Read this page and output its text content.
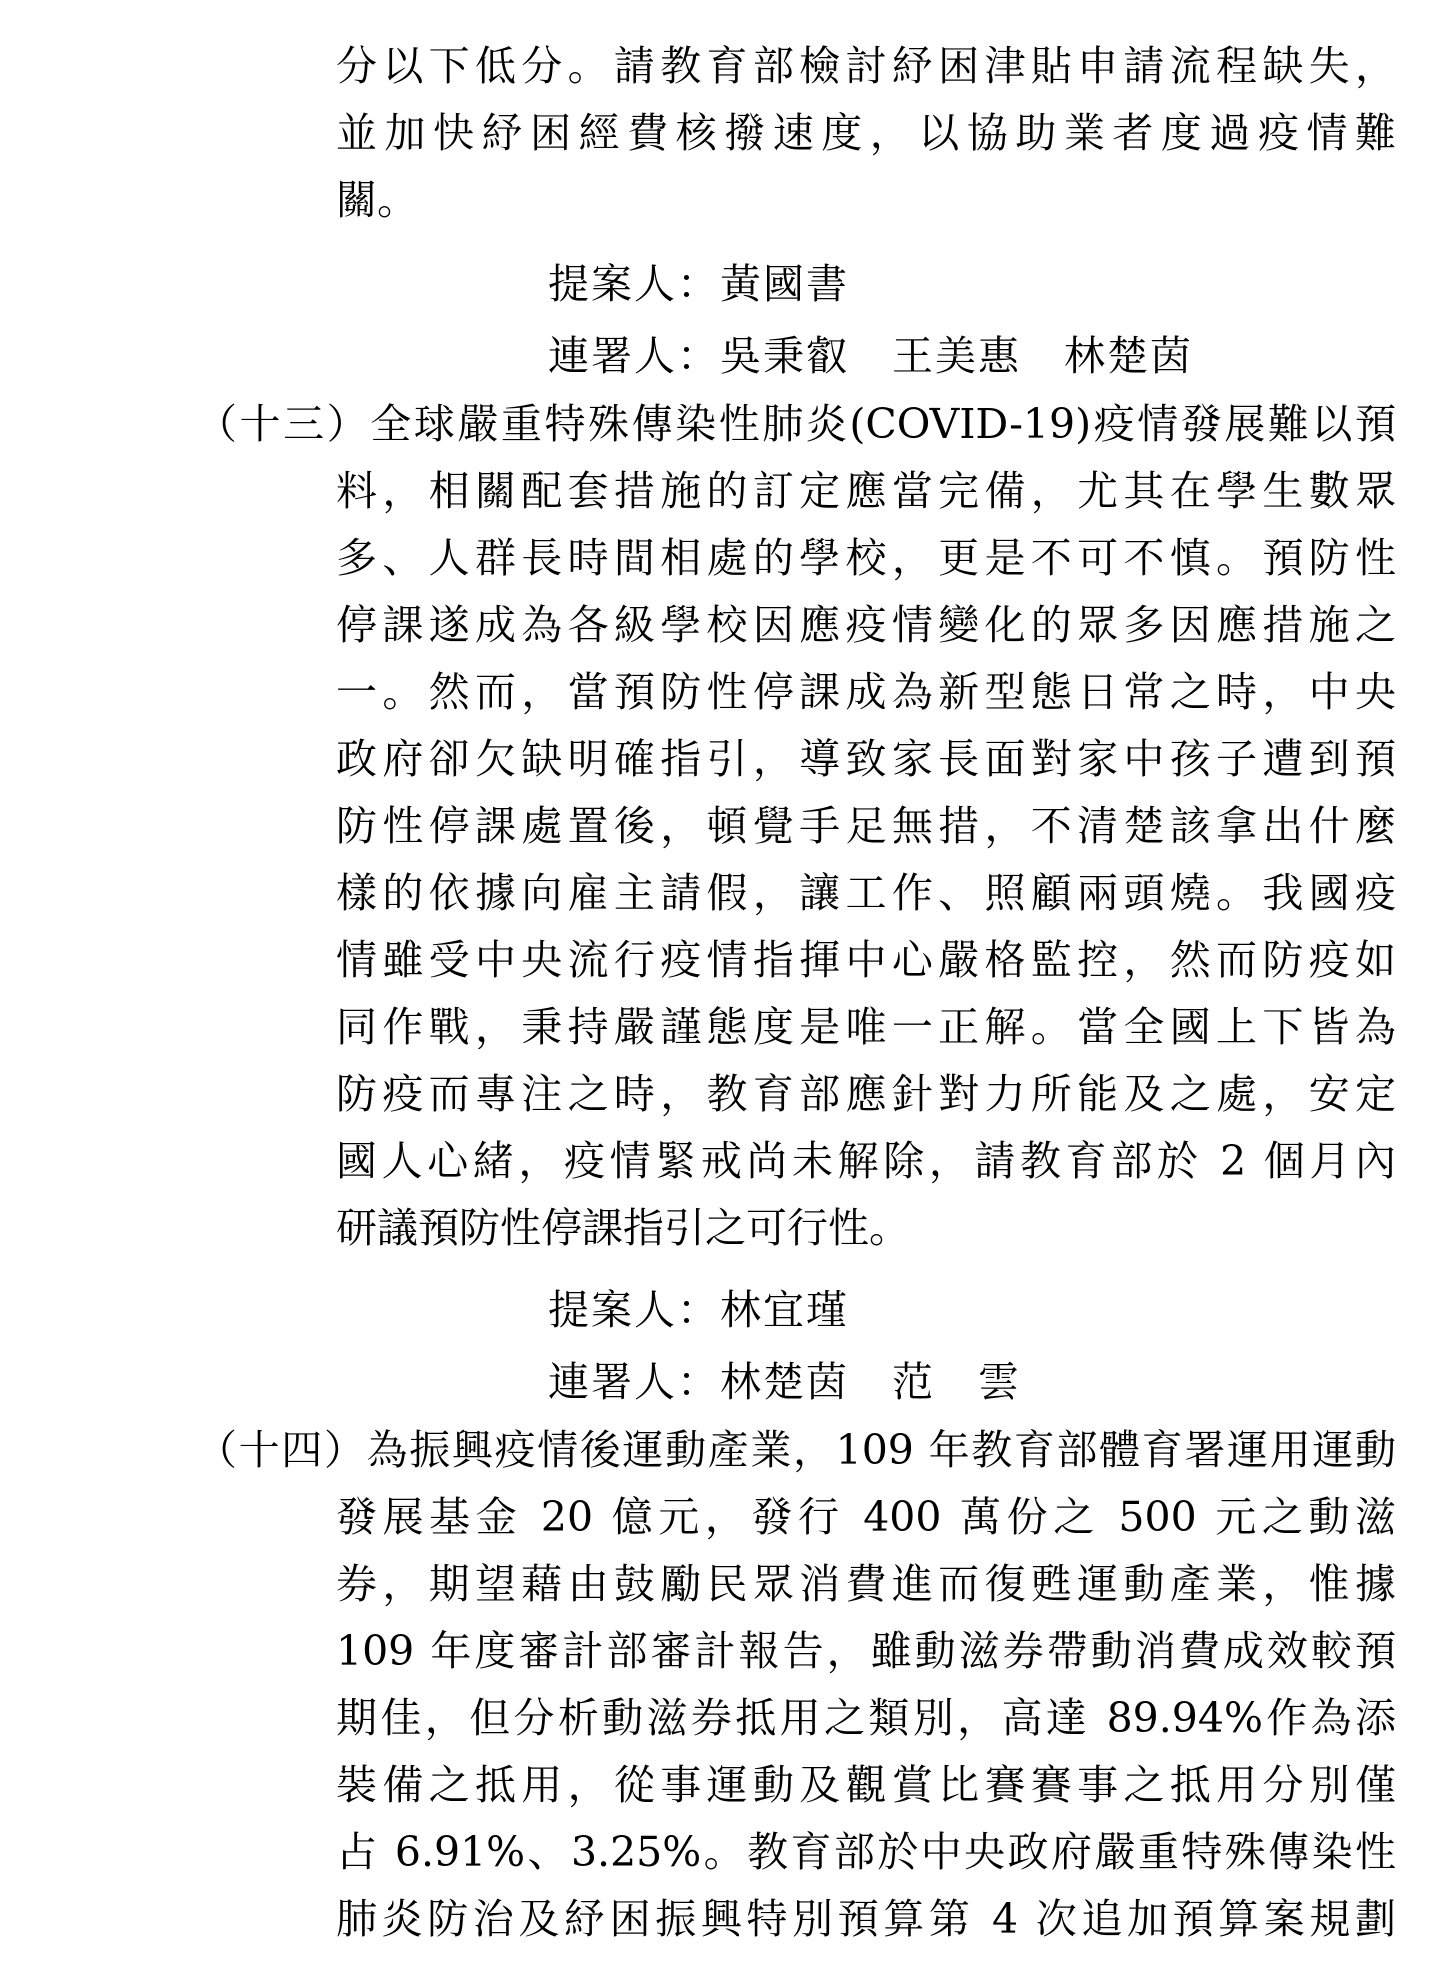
分以下低分。請教育部檢討紓困津貼申請流程缺失，
並加快紓困經費核撥速度，以協助業者度過疫情難
關。
提案人：黃國書
連署人：吳秉叡　王美惠　林楚茵
（十三）全球嚴重特殊傳染性肺炎(COVID-19)疫情發展難以預
料，相關配套措施的訂定應當完備，尤其在學生數眾
多、人群長時間相處的學校，更是不可不慎。預防性
停課遂成為各級學校因應疫情變化的眾多因應措施之
一。然而，當預防性停課成為新型態日常之時，中央
政府卻欠缺明確指引，導致家長面對家中孩子遭到預
防性停課處置後，頓覺手足無措，不清楚該拿出什麼
樣的依據向雇主請假，讓工作、照顧兩頭燒。我國疫
情雖受中央流行疫情指揮中心嚴格監控，然而防疫如
同作戰，秉持嚴謹態度是唯一正解。當全國上下皆為
防疫而專注之時，教育部應針對力所能及之處，安定
國人心緒，疫情緊戒尚未解除，請教育部於 2 個月內
研議預防性停課指引之可行性。
提案人：林宜瑾
連署人：林楚茵　范　雲
（十四）為振興疫情後運動產業，109 年教育部體育署運用運動
發展基金 20 億元，發行 400 萬份之 500 元之動滋
券，期望藉由鼓勵民眾消費進而復甦運動產業，惟據
109 年度審計部審計報告，雖動滋券帶動消費成效較預
期佳，但分析動滋券抵用之類別，高達 89.94%作為添
裝備之抵用，從事運動及觀賞比賽賽事之抵用分別僅
占 6.91%、3.25%。教育部於中央政府嚴重特殊傳染性
肺炎防治及紓困振興特別預算第 4 次追加預算案規劃
